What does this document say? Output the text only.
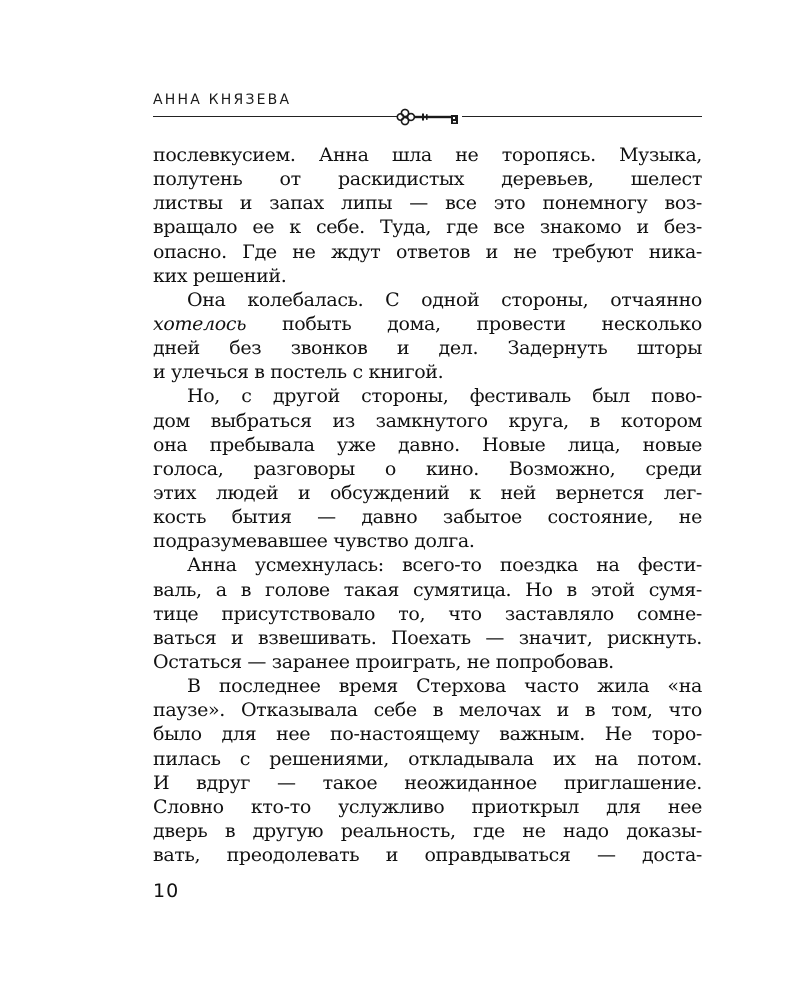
АННА КНЯЗЕВА
послевкусием. Анна шла не торопясь. Музыка,
полутень от раскидистых деревьев, шелест
листвы и запах липы — все это понемногу воз-
вращало ее к себе. Туда, где все знакомо и без-
опасно. Где не ждут ответов и не требуют ника-
ких решений.
Она колебалась. С одной стороны, отчаянно
хотелось побыть дома, провести несколько
дней без звонков и дел. Задернуть шторы
и улечься в постель с книгой.
Но, с другой стороны, фестиваль был пово-
дом выбраться из замкнутого круга, в котором
она пребывала уже давно. Новые лица, новые
голоса, разговоры о кино. Возможно, среди
этих людей и обсуждений к ней вернется лег-
кость бытия — давно забытое состояние, не
подразумевавшее чувство долга.
Анна усмехнулась: всего-то поездка на фести-
валь, а в голове такая сумятица. Но в этой сумя-
тице присутствовало то, что заставляло сомне-
ваться и взвешивать. Поехать — значит, рискнуть.
Остаться — заранее проиграть, не попробовав.
В последнее время Стерхова часто жила «на
паузе». Отказывала себе в мелочах и в том, что
было для нее по-настоящему важным. Не торо-
пилась с решениями, откладывала их на потом.
И вдруг — такое неожиданное приглашение.
Словно кто-то услужливо приоткрыл для нее
дверь в другую реальность, где не надо доказы-
вать, преодолевать и оправдываться — доста-
10
